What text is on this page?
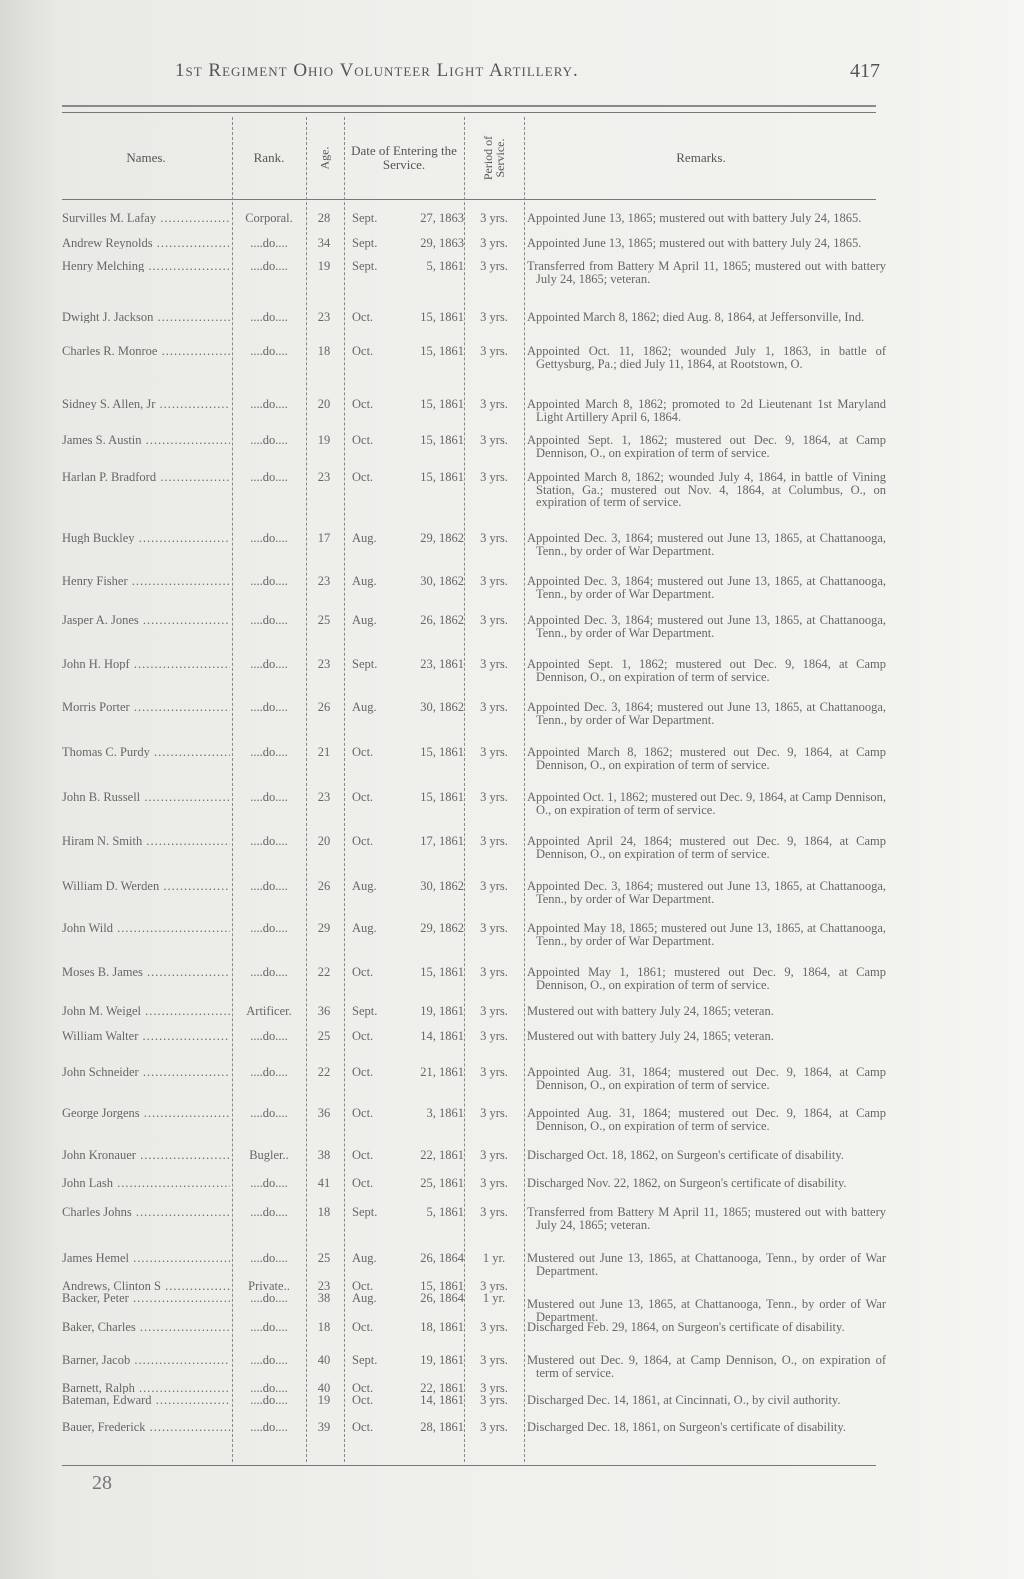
1st Regiment Ohio Volunteer Light Artillery.	417
Names.	Rank.	Age.	Date of Entering the Service.	Period of Service.	Remarks.
Survilles M. Lafay .....	Corporal.	28	Sept.	27, 1863	3 yrs.	Appointed June 13, 1865; mustered out with battery July 24, 1865.
Andrew Reynolds .....	....do....	34	Sept.	29, 1863	3 yrs.	Appointed June 13, 1865; mustered out with battery July 24, 1865.
Henry Melching .....	....do....	19	Sept.	5, 1861	3 yrs.	Transferred from Battery M April 11, 1865; mustered out with battery July 24, 1865; veteran.
Dwight J. Jackson .....	....do....	23	Oct.	15, 1861	3 yrs.	Appointed March 8, 1862; died Aug. 8, 1864, at Jeffersonville, Ind.
Charles R. Monroe .....	....do....	18	Oct.	15, 1861	3 yrs.	Appointed Oct. 11, 1862; wounded July 1, 1863, in battle of Gettysburg, Pa.; died July 11, 1864, at Rootstown, O.
Sidney S. Allen, Jr .....	....do....	20	Oct.	15, 1861	3 yrs.	Appointed March 8, 1862; promoted to 2d Lieutenant 1st Maryland Light Artillery April 6, 1864.
James S. Austin .....	....do....	19	Oct.	15, 1861	3 yrs.	Appointed Sept. 1, 1862; mustered out Dec. 9, 1864, at Camp Dennison, O., on expiration of term of service.
Harlan P. Bradford .....	....do....	23	Oct.	15, 1861	3 yrs.	Appointed March 8, 1862; wounded July 4, 1864, in battle of Vining Station, Ga.; mustered out Nov. 4, 1864, at Columbus, O., on expiration of term of service.
Hugh Buckley .....	....do....	17	Aug.	29, 1862	3 yrs.	Appointed Dec. 3, 1864; mustered out June 13, 1865, at Chattanooga, Tenn., by order of War Department.
Henry Fisher .....	....do....	23	Aug.	30, 1862	3 yrs.	Appointed Dec. 3, 1864; mustered out June 13, 1865, at Chattanooga, Tenn., by order of War Department.
Jasper A. Jones .....	....do....	25	Aug.	26, 1862	3 yrs.	Appointed Dec. 3, 1864; mustered out June 13, 1865, at Chattanooga, Tenn., by order of War Department.
John H. Hopf .....	....do....	23	Sept.	23, 1861	3 yrs.	Appointed Sept. 1, 1862; mustered out Dec. 9, 1864, at Camp Dennison, O., on expiration of term of service.
Morris Porter .....	....do....	26	Aug.	30, 1862	3 yrs.	Appointed Dec. 3, 1864; mustered out June 13, 1865, at Chattanooga, Tenn., by order of War Department.
Thomas C. Purdy .....	....do....	21	Oct.	15, 1861	3 yrs.	Appointed March 8, 1862; mustered out Dec. 9, 1864, at Camp Dennison, O., on expiration of term of service.
John B. Russell .....	....do....	23	Oct.	15, 1861	3 yrs.	Appointed Oct. 1, 1862; mustered out Dec. 9, 1864, at Camp Dennison, O., on expiration of term of service.
Hiram N. Smith .....	....do....	20	Oct.	17, 1861	3 yrs.	Appointed April 24, 1864; mustered out Dec. 9, 1864, at Camp Dennison, O., on expiration of term of service.
William D. Werden .....	....do....	26	Aug.	30, 1862	3 yrs.	Appointed Dec. 3, 1864; mustered out June 13, 1865, at Chattanooga, Tenn., by order of War Department.
John Wild .....	....do....	29	Aug.	29, 1862	3 yrs.	Appointed May 18, 1865; mustered out June 13, 1865, at Chattanooga, Tenn., by order of War Department.
Moses B. James .....	....do....	22	Oct.	15, 1861	3 yrs.	Appointed May 1, 1861; mustered out Dec. 9, 1864, at Camp Dennison, O., on expiration of term of service.
John M. Weigel .....	Artificer.	36	Sept.	19, 1861	3 yrs.	Mustered out with battery July 24, 1865; veteran.
William Walter .....	....do....	25	Oct.	14, 1861	3 yrs.	Mustered out with battery July 24, 1865; veteran.
John Schneider .....	....do....	22	Oct.	21, 1861	3 yrs.	Appointed Aug. 31, 1864; mustered out Dec. 9, 1864, at Camp Dennison, O., on expiration of term of service.
George Jorgens .....	....do....	36	Oct.	3, 1861	3 yrs.	Appointed Aug. 31, 1864; mustered out Dec. 9, 1864, at Camp Dennison, O., on expiration of term of service.
John Kronauer .....	Bugler..	38	Oct.	22, 1861	3 yrs.	Discharged Oct. 18, 1862, on Surgeon's certificate of disability.
John Lash .....	....do....	41	Oct.	25, 1861	3 yrs.	Discharged Nov. 22, 1862, on Surgeon's certificate of disability.
Charles Johns .....	....do....	18	Sept.	5, 1861	3 yrs.	Transferred from Battery M April 11, 1865; mustered out with battery July 24, 1865; veteran.
James Hemel .....	....do....	25	Aug.	26, 1864	1 yr.	Mustered out June 13, 1865, at Chattanooga, Tenn., by order of War Department.
Andrews, Clinton S .....	Private..	23	Oct.	15, 1861	3 yrs.
Backer, Peter .....	....do....	38	Aug.	26, 1864	1 yr.	Mustered out June 13, 1865, at Chattanooga, Tenn., by order of War Department.
Baker, Charles .....	....do....	18	Oct.	18, 1861	3 yrs.	Discharged Feb. 29, 1864, on Surgeon's certificate of disability.
Barner, Jacob .....	....do....	40	Sept.	19, 1861	3 yrs.	Mustered out Dec. 9, 1864, at Camp Dennison, O., on expiration of term of service.
Barnett, Ralph .....	....do....	40	Oct.	22, 1861	3 yrs.
Bateman, Edward .....	....do....	19	Oct.	14, 1861	3 yrs.	Discharged Dec. 14, 1861, at Cincinnati, O., by civil authority.
Bauer, Frederick .....	....do....	39	Oct.	28, 1861	3 yrs.	Discharged Dec. 18, 1861, on Surgeon's certificate of disability.
28
